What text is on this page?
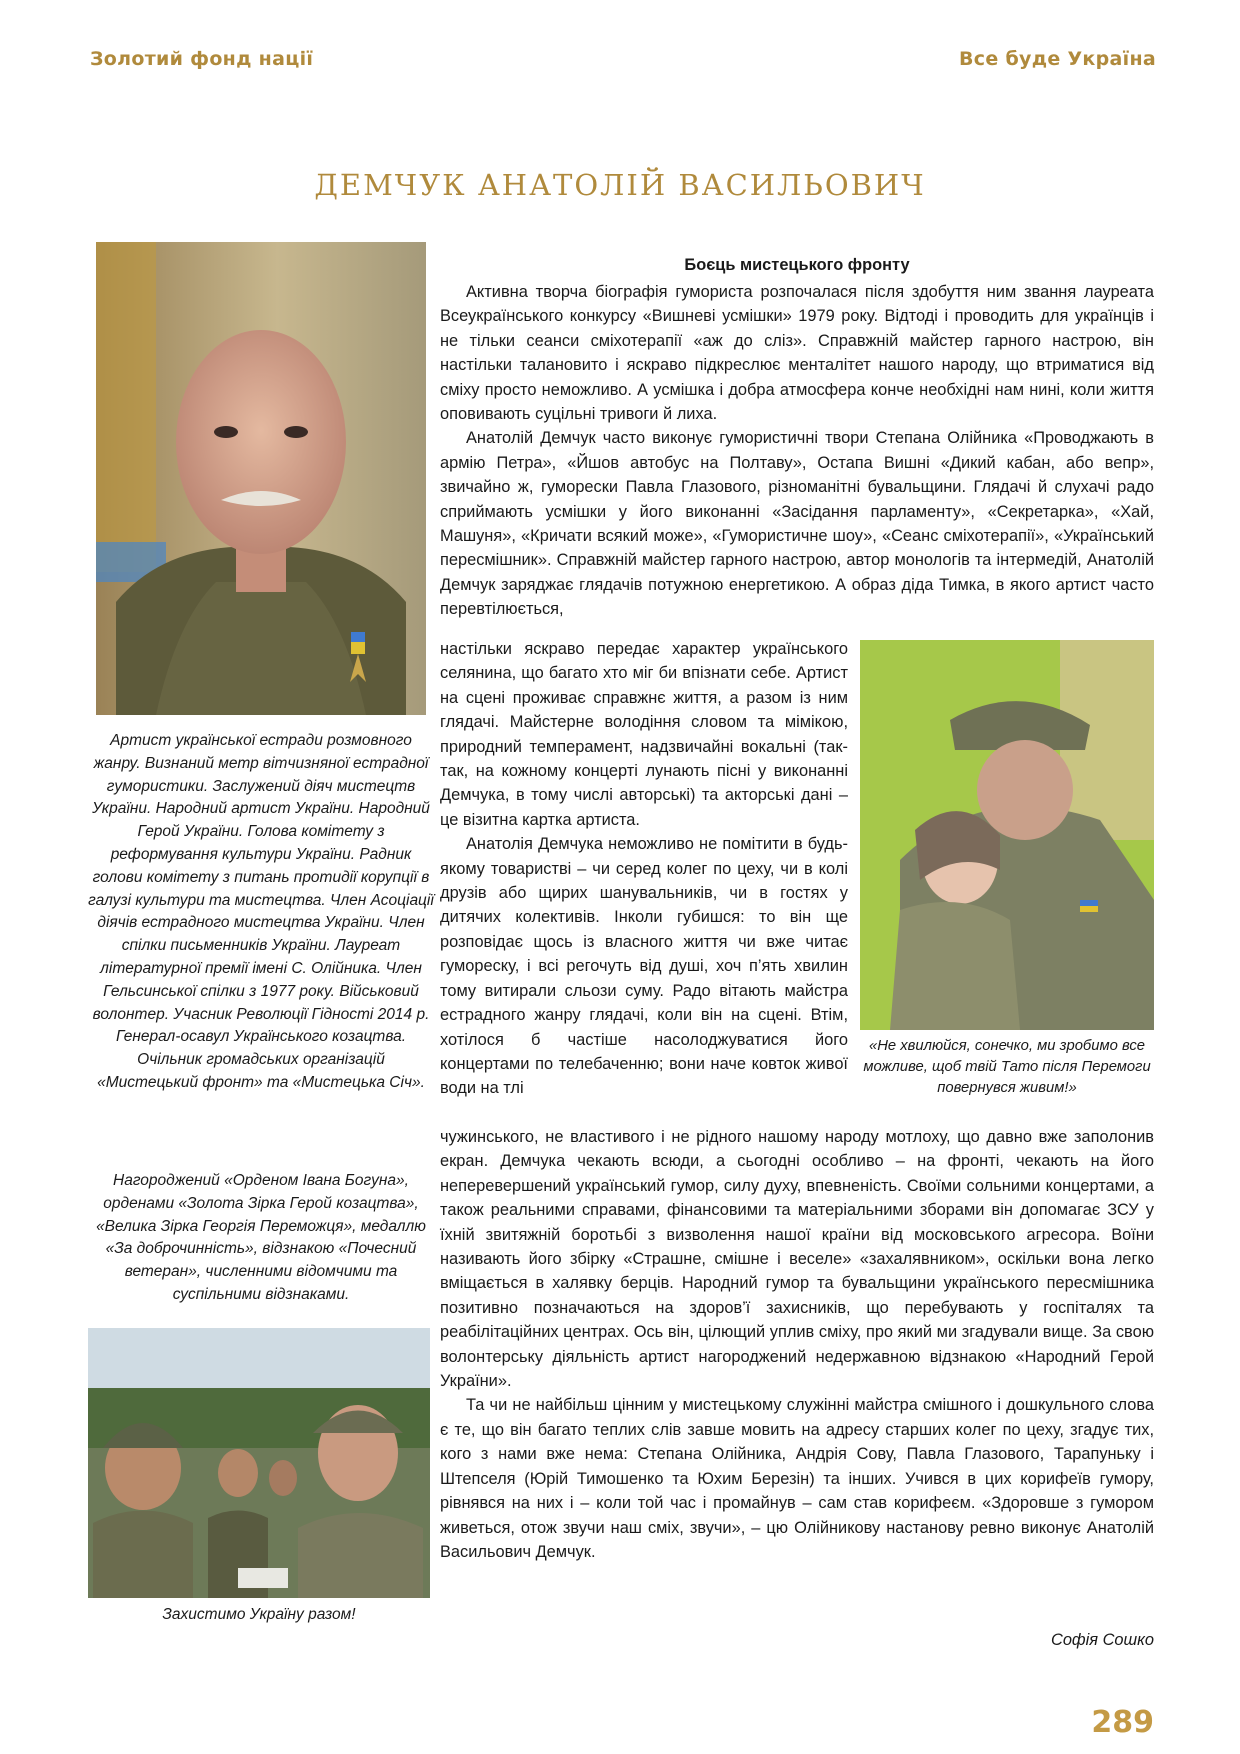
Золотий фонд нації	Все буде Україна
ДЕМЧУК АНАТОЛІЙ ВАСИЛЬОВИЧ

Артист української естради розмовного жанру. Визнаний метр вітчизняної естрадної гумористики. Заслужений діяч мистецтв України. Народний артист України. Народний Герой України. Голова комітету з реформування культури України. Радник голови комітету з питань протидії корупції в галузі культури та мистецтва. Член Асоціації діячів естрадного мистецтва України. Член спілки письменників України. Лауреат літературної премії імені С. Олійника. Член Гельсинської спілки з 1977 року. Військовий волонтер. Учасник Революції Гідності 2014 р. Генерал-осавул Українського козацтва. Очільник громадських організацій «Мистецький фронт» та «Мистецька Січ».

Нагороджений «Орденом Івана Богуна», орденами «Золота Зірка Герой козацтва», «Велика Зірка Георгія Переможця», медаллю «За доброчинність», відзнакою «Почесний ветеран», численними відомчими та суспільними відзнаками.

Захистимо Україну разом!

Боєць мистецького фронту

Активна творча біографія гумориста розпочалася після здобуття ним звання лауреата Всеукраїнського конкурсу «Вишневі усмішки» 1979 року. Відтоді і проводить для українців і не тільки сеанси сміхотерапії «аж до сліз». Справжній майстер гарного настрою, він настільки талановито і яскраво підкреслює менталітет нашого народу, що втриматися від сміху просто неможливо. А усмішка і добра атмосфера конче необхідні нам нині, коли життя оповивають суцільні тривоги й лиха.

Анатолій Демчук часто виконує гумористичні твори Степана Олійника «Проводжають в армію Петра», «Йшов автобус на Полтаву», Остапа Вишні «Дикий кабан, або вепр», звичайно ж, гуморески Павла Глазового, різноманітні бувальщини. Глядачі й слухачі радо сприймають усмішки у його виконанні «Засідання парламенту», «Секретарка», «Хай, Машуня», «Кричати всякий може», «Гумористичне шоу», «Сеанс сміхотерапії», «Український пересмішник». Справжній майстер гарного настрою, автор монологів та інтермедій, Анатолій Демчук заряджає глядачів потужною енергетикою. А образ діда Тимка, в якого артист часто перевтілюється,

настільки яскраво передає характер українського селянина, що багато хто міг би впізнати себе. Артист на сцені проживає справжнє життя, а разом із ним глядачі. Майстерне володіння словом та мімікою, природний темперамент, надзвичайні вокальні (так-так, на кожному концерті лунають пісні у виконанні Демчука, в тому числі авторські) та акторські дані – це візитна картка артиста.

Анатолія Демчука неможливо не помітити в будь-якому товаристві – чи серед колег по цеху, чи в колі друзів або щирих шанувальників, чи в гостях у дитячих колективів. Інколи губишся: то він ще розповідає щось із власного життя чи вже читає гумореску, і всі регочуть від душі, хоч п’ять хвилин тому витирали сльози суму. Радо вітають майстра естрадного жанру глядачі, коли він на сцені. Втім, хотілося б частіше насолоджуватися його концертами по телебаченню; вони наче ковток живої води на тлі

«Не хвилюйся, сонечко, ми зробимо все можливе, щоб твій Тато після Перемоги повернувся живим!»

чужинського, не властивого і не рідного нашому народу мотлоху, що давно вже заполонив екран. Демчука чекають всюди, а сьогодні особливо – на фронті, чекають на його неперевершений український гумор, силу духу, впевненість. Своїми сольними концертами, а також реальними справами, фінансовими та матеріальними зборами він допомагає ЗСУ у їхній звитяжній боротьбі з визволення нашої країни від московського агресора. Воїни називають його збірку «Страшне, смішне і веселе» «захалявником», оскільки вона легко вміщається в халявку берців. Народний гумор та бувальщини українського пересмішника позитивно позначаються на здоров’ї захисників, що перебувають у госпіталях та реабілітаційних центрах. Ось він, цілющий уплив сміху, про який ми згадували вище. За свою волонтерську діяльність артист нагороджений недержавною відзнакою «Народний Герой України».

Та чи не найбільш цінним у мистецькому служінні майстра смішного і дошкульного слова є те, що він багато теплих слів завше мовить на адресу старших колег по цеху, згадує тих, кого з нами вже нема: Степана Олійника, Андрія Сову, Павла Глазового, Тарапуньку і Штепселя (Юрій Тимошенко та Юхим Березін) та інших. Учився в цих корифеїв гумору, рівнявся на них і – коли той час і промайнув – сам став корифеєм. «Здоровше з гумором живеться, отож звучи наш сміх, звучи», – цю Олійникову настанову ревно виконує Анатолій Васильович Демчук.

Софія Сошко
289
